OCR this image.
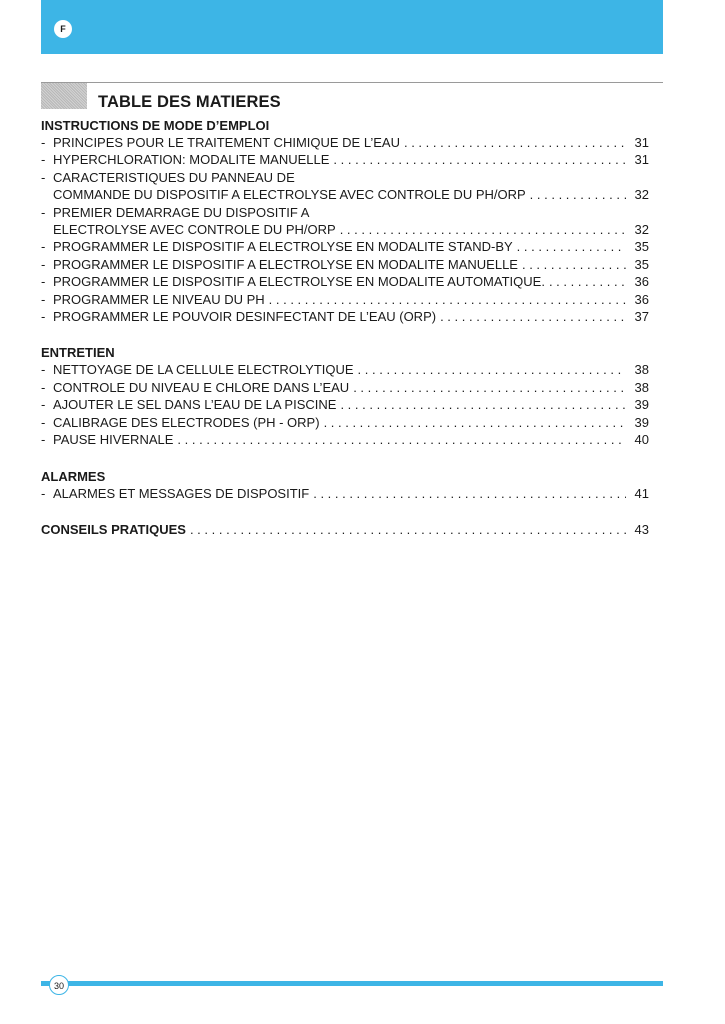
F
TABLE DES MATIERES
INSTRUCTIONS DE MODE D’EMPLOI
- PRINCIPES POUR LE TRAITEMENT CHIMIQUE DE L’EAU . . .	31
- HYPERCHLORATION: MODALITE MANUELLE . . .	31
- CARACTERISTIQUES DU PANNEAU DE
COMMANDE DU DISPOSITIF A ELECTROLYSE AVEC CONTROLE DU PH/ORP . . .	32
- PREMIER DEMARRAGE DU DISPOSITIF A
ELECTROLYSE AVEC CONTROLE DU PH/ORP . . .	32
- PROGRAMMER LE DISPOSITIF A ELECTROLYSE EN MODALITE STAND-BY . . .	35
- PROGRAMMER LE DISPOSITIF A ELECTROLYSE EN MODALITE MANUELLE . . .	35
- PROGRAMMER LE DISPOSITIF A ELECTROLYSE EN MODALITE AUTOMATIQUE. . . .	36
- PROGRAMMER LE NIVEAU DU PH . . .	36
- PROGRAMMER LE POUVOIR DESINFECTANT DE L’EAU (ORP) . . .	37
ENTRETIEN
- NETTOYAGE DE LA CELLULE ELECTROLYTIQUE . . .	38
- CONTROLE DU NIVEAU E CHLORE DANS L’EAU . . .	38
- AJOUTER LE SEL DANS L’EAU DE LA PISCINE . . .	39
- CALIBRAGE DES ELECTRODES (PH - ORP) . . .	39
- PAUSE HIVERNALE . . .	40
ALARMES
- ALARMES ET MESSAGES DE DISPOSITIF . . .	41
CONSEILS PRATIQUES . . .	43
30
